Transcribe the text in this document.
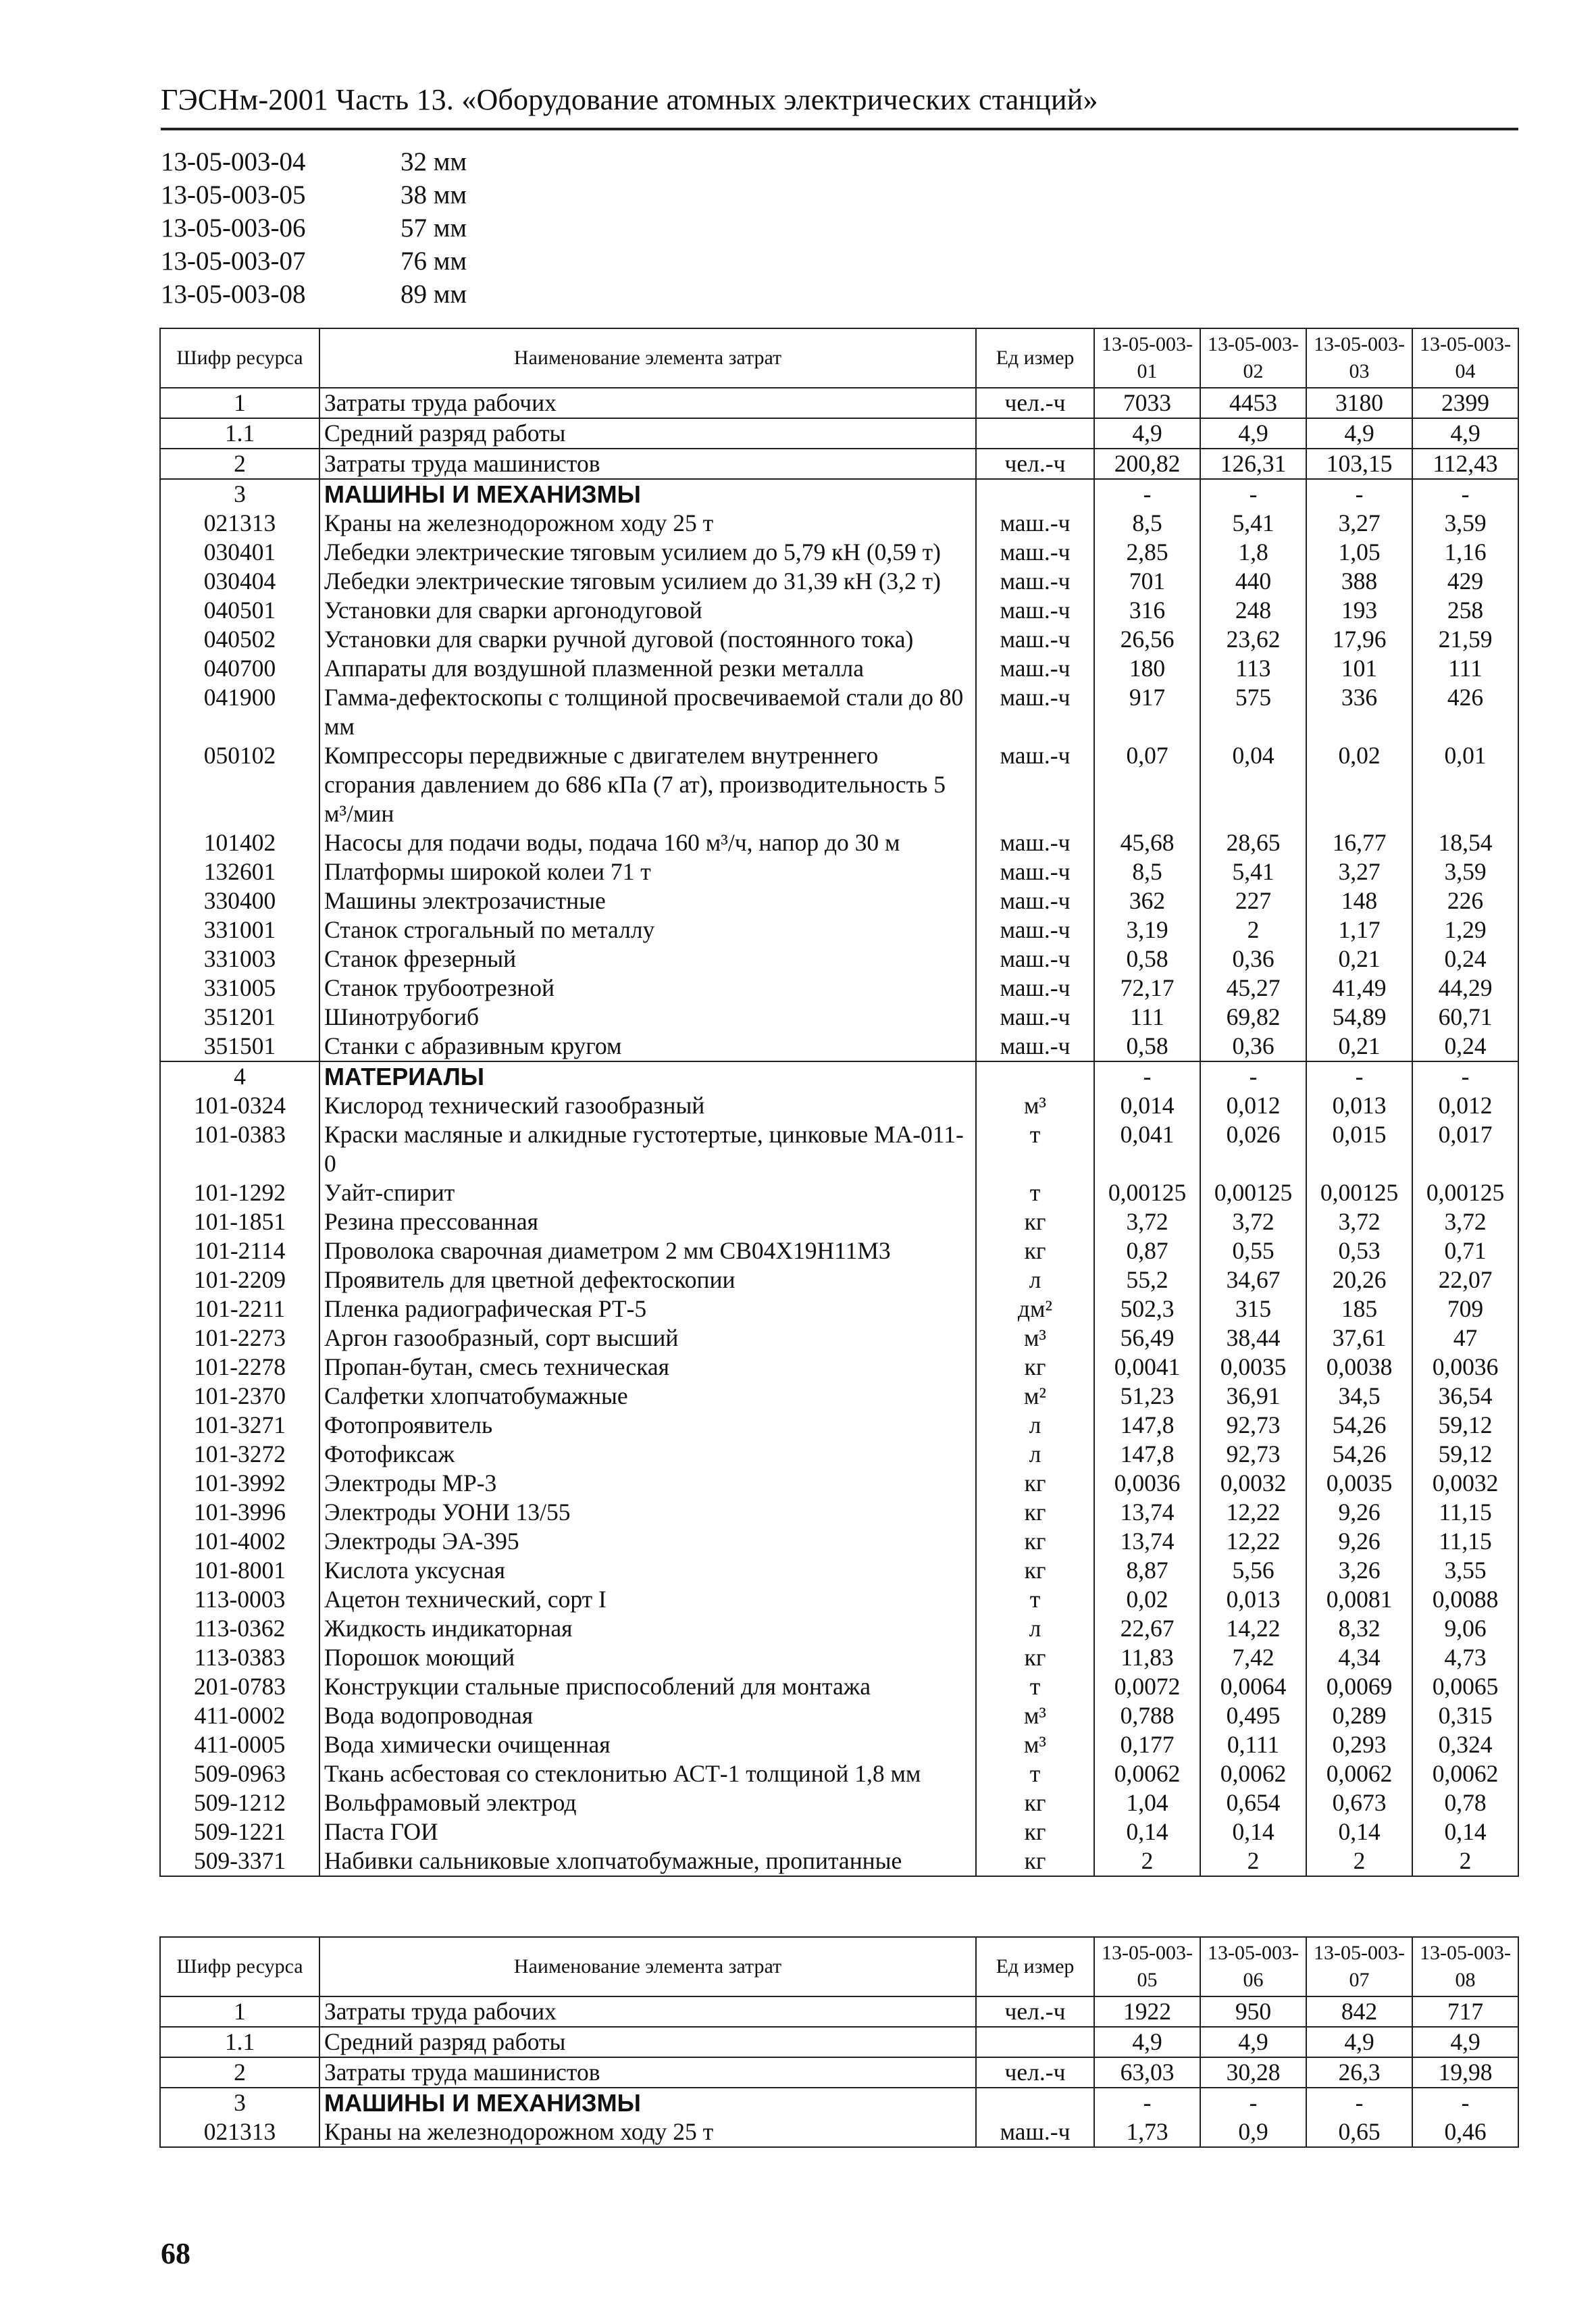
ГЭСНм-2001 Часть 13. «Оборудование атомных электрических станций»
13-05-003-04	32 мм
13-05-003-05	38 мм
13-05-003-06	57 мм
13-05-003-07	76 мм
13-05-003-08	89 мм
Шифр ресурса	Наименование элемента затрат	Ед измер	13-05-003-01	13-05-003-02	13-05-003-03	13-05-003-04
1	Затраты труда рабочих	чел.-ч	7033	4453	3180	2399
1.1	Средний разряд работы		4,9	4,9	4,9	4,9
2	Затраты труда машинистов	чел.-ч	200,82	126,31	103,15	112,43
3	МАШИНЫ И МЕХАНИЗМЫ		-	-	-	-
021313	Краны на железнодорожном ходу 25 т	маш.-ч	8,5	5,41	3,27	3,59
030401	Лебедки электрические тяговым усилием до 5,79 кН (0,59 т)	маш.-ч	2,85	1,8	1,05	1,16
030404	Лебедки электрические тяговым усилием до 31,39 кН (3,2 т)	маш.-ч	701	440	388	429
040501	Установки для сварки аргонодуговой	маш.-ч	316	248	193	258
040502	Установки для сварки ручной дуговой (постоянного тока)	маш.-ч	26,56	23,62	17,96	21,59
040700	Аппараты для воздушной плазменной резки металла	маш.-ч	180	113	101	111
041900	Гамма-дефектоскопы с толщиной просвечиваемой стали до 80 мм	маш.-ч	917	575	336	426
050102	Компрессоры передвижные с двигателем внутреннего сгорания давлением до 686 кПа (7 ат), производительность 5 м³/мин	маш.-ч	0,07	0,04	0,02	0,01
101402	Насосы для подачи воды, подача 160 м³/ч, напор до 30 м	маш.-ч	45,68	28,65	16,77	18,54
132601	Платформы широкой колеи 71 т	маш.-ч	8,5	5,41	3,27	3,59
330400	Машины электрозачистные	маш.-ч	362	227	148	226
331001	Станок строгальный по металлу	маш.-ч	3,19	2	1,17	1,29
331003	Станок фрезерный	маш.-ч	0,58	0,36	0,21	0,24
331005	Станок трубоотрезной	маш.-ч	72,17	45,27	41,49	44,29
351201	Шинотрубогиб	маш.-ч	111	69,82	54,89	60,71
351501	Станки с абразивным кругом	маш.-ч	0,58	0,36	0,21	0,24
4	МАТЕРИАЛЫ		-	-	-	-
101-0324	Кислород технический газообразный	м³	0,014	0,012	0,013	0,012
101-0383	Краски масляные и алкидные густотертые, цинковые МА-011-0	т	0,041	0,026	0,015	0,017
101-1292	Уайт-спирит	т	0,00125	0,00125	0,00125	0,00125
101-1851	Резина прессованная	кг	3,72	3,72	3,72	3,72
101-2114	Проволока сварочная диаметром 2 мм СВ04Х19Н11М3	кг	0,87	0,55	0,53	0,71
101-2209	Проявитель для цветной дефектоскопии	л	55,2	34,67	20,26	22,07
101-2211	Пленка радиографическая РТ-5	дм²	502,3	315	185	709
101-2273	Аргон газообразный, сорт высший	м³	56,49	38,44	37,61	47
101-2278	Пропан-бутан, смесь техническая	кг	0,0041	0,0035	0,0038	0,0036
101-2370	Салфетки хлопчатобумажные	м²	51,23	36,91	34,5	36,54
101-3271	Фотопроявитель	л	147,8	92,73	54,26	59,12
101-3272	Фотофиксаж	л	147,8	92,73	54,26	59,12
101-3992	Электроды МР-3	кг	0,0036	0,0032	0,0035	0,0032
101-3996	Электроды УОНИ 13/55	кг	13,74	12,22	9,26	11,15
101-4002	Электроды ЭА-395	кг	13,74	12,22	9,26	11,15
101-8001	Кислота уксусная	кг	8,87	5,56	3,26	3,55
113-0003	Ацетон технический, сорт I	т	0,02	0,013	0,0081	0,0088
113-0362	Жидкость индикаторная	л	22,67	14,22	8,32	9,06
113-0383	Порошок моющий	кг	11,83	7,42	4,34	4,73
201-0783	Конструкции стальные приспособлений для монтажа	т	0,0072	0,0064	0,0069	0,0065
411-0002	Вода водопроводная	м³	0,788	0,495	0,289	0,315
411-0005	Вода химически очищенная	м³	0,177	0,111	0,293	0,324
509-0963	Ткань асбестовая со стеклонитью АСТ-1 толщиной 1,8 мм	т	0,0062	0,0062	0,0062	0,0062
509-1212	Вольфрамовый электрод	кг	1,04	0,654	0,673	0,78
509-1221	Паста ГОИ	кг	0,14	0,14	0,14	0,14
509-3371	Набивки сальниковые хлопчатобумажные, пропитанные	кг	2	2	2	2
Шифр ресурса	Наименование элемента затрат	Ед измер	13-05-003-05	13-05-003-06	13-05-003-07	13-05-003-08
1	Затраты труда рабочих	чел.-ч	1922	950	842	717
1.1	Средний разряд работы		4,9	4,9	4,9	4,9
2	Затраты труда машинистов	чел.-ч	63,03	30,28	26,3	19,98
3	МАШИНЫ И МЕХАНИЗМЫ		-	-	-	-
021313	Краны на железнодорожном ходу 25 т	маш.-ч	1,73	0,9	0,65	0,46
68
